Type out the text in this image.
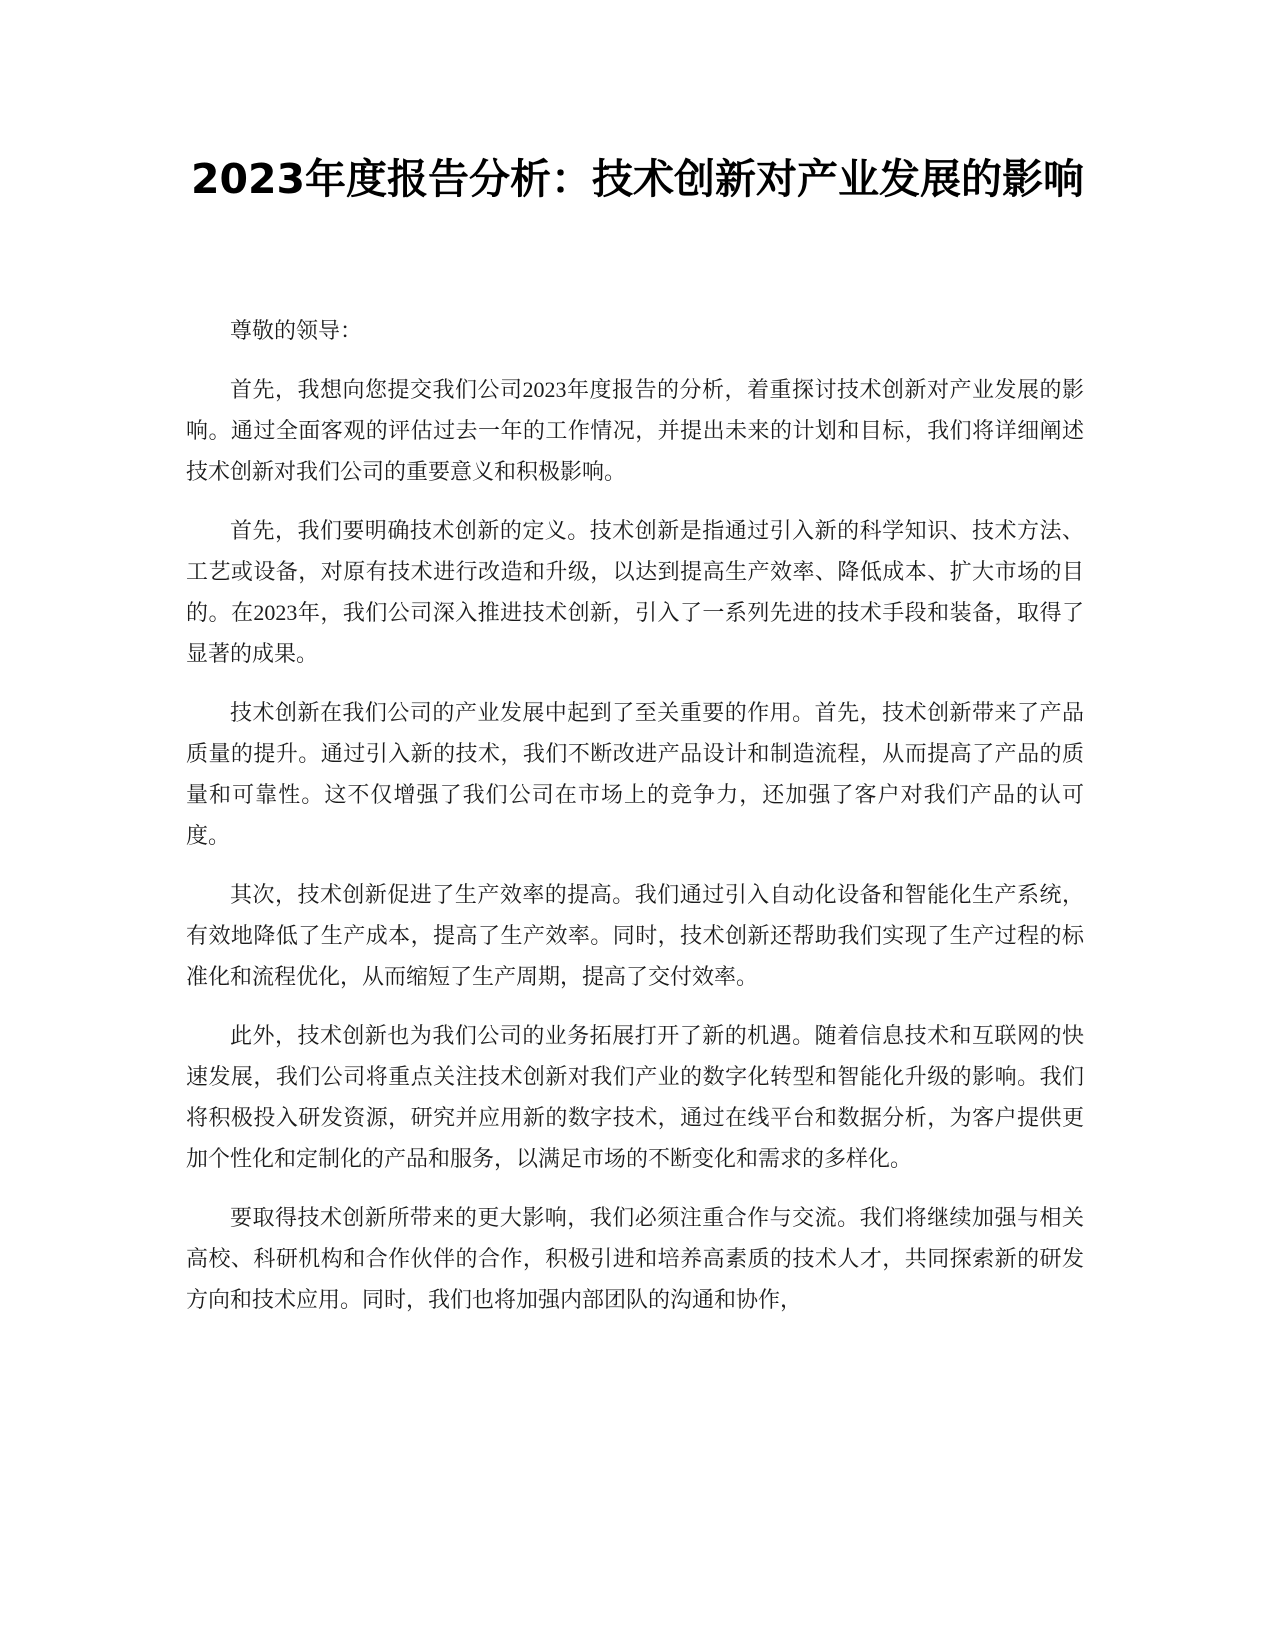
2023年度报告分析：技术创新对产业发展的影响

尊敬的领导：

首先，我想向您提交我们公司2023年度报告的分析，着重探讨技术创新对产业发展的影响。通过全面客观的评估过去一年的工作情况，并提出未来的计划和目标，我们将详细阐述技术创新对我们公司的重要意义和积极影响。

首先，我们要明确技术创新的定义。技术创新是指通过引入新的科学知识、技术方法、工艺或设备，对原有技术进行改造和升级，以达到提高生产效率、降低成本、扩大市场的目的。在2023年，我们公司深入推进技术创新，引入了一系列先进的技术手段和装备，取得了显著的成果。

技术创新在我们公司的产业发展中起到了至关重要的作用。首先，技术创新带来了产品质量的提升。通过引入新的技术，我们不断改进产品设计和制造流程，从而提高了产品的质量和可靠性。这不仅增强了我们公司在市场上的竞争力，还加强了客户对我们产品的认可度。

其次，技术创新促进了生产效率的提高。我们通过引入自动化设备和智能化生产系统，有效地降低了生产成本，提高了生产效率。同时，技术创新还帮助我们实现了生产过程的标准化和流程优化，从而缩短了生产周期，提高了交付效率。

此外，技术创新也为我们公司的业务拓展打开了新的机遇。随着信息技术和互联网的快速发展，我们公司将重点关注技术创新对我们产业的数字化转型和智能化升级的影响。我们将积极投入研发资源，研究并应用新的数字技术，通过在线平台和数据分析，为客户提供更加个性化和定制化的产品和服务，以满足市场的不断变化和需求的多样化。

要取得技术创新所带来的更大影响，我们必须注重合作与交流。我们将继续加强与相关高校、科研机构和合作伙伴的合作，积极引进和培养高素质的技术人才，共同探索新的研发方向和技术应用。同时，我们也将加强内部团队的沟通和协作，
